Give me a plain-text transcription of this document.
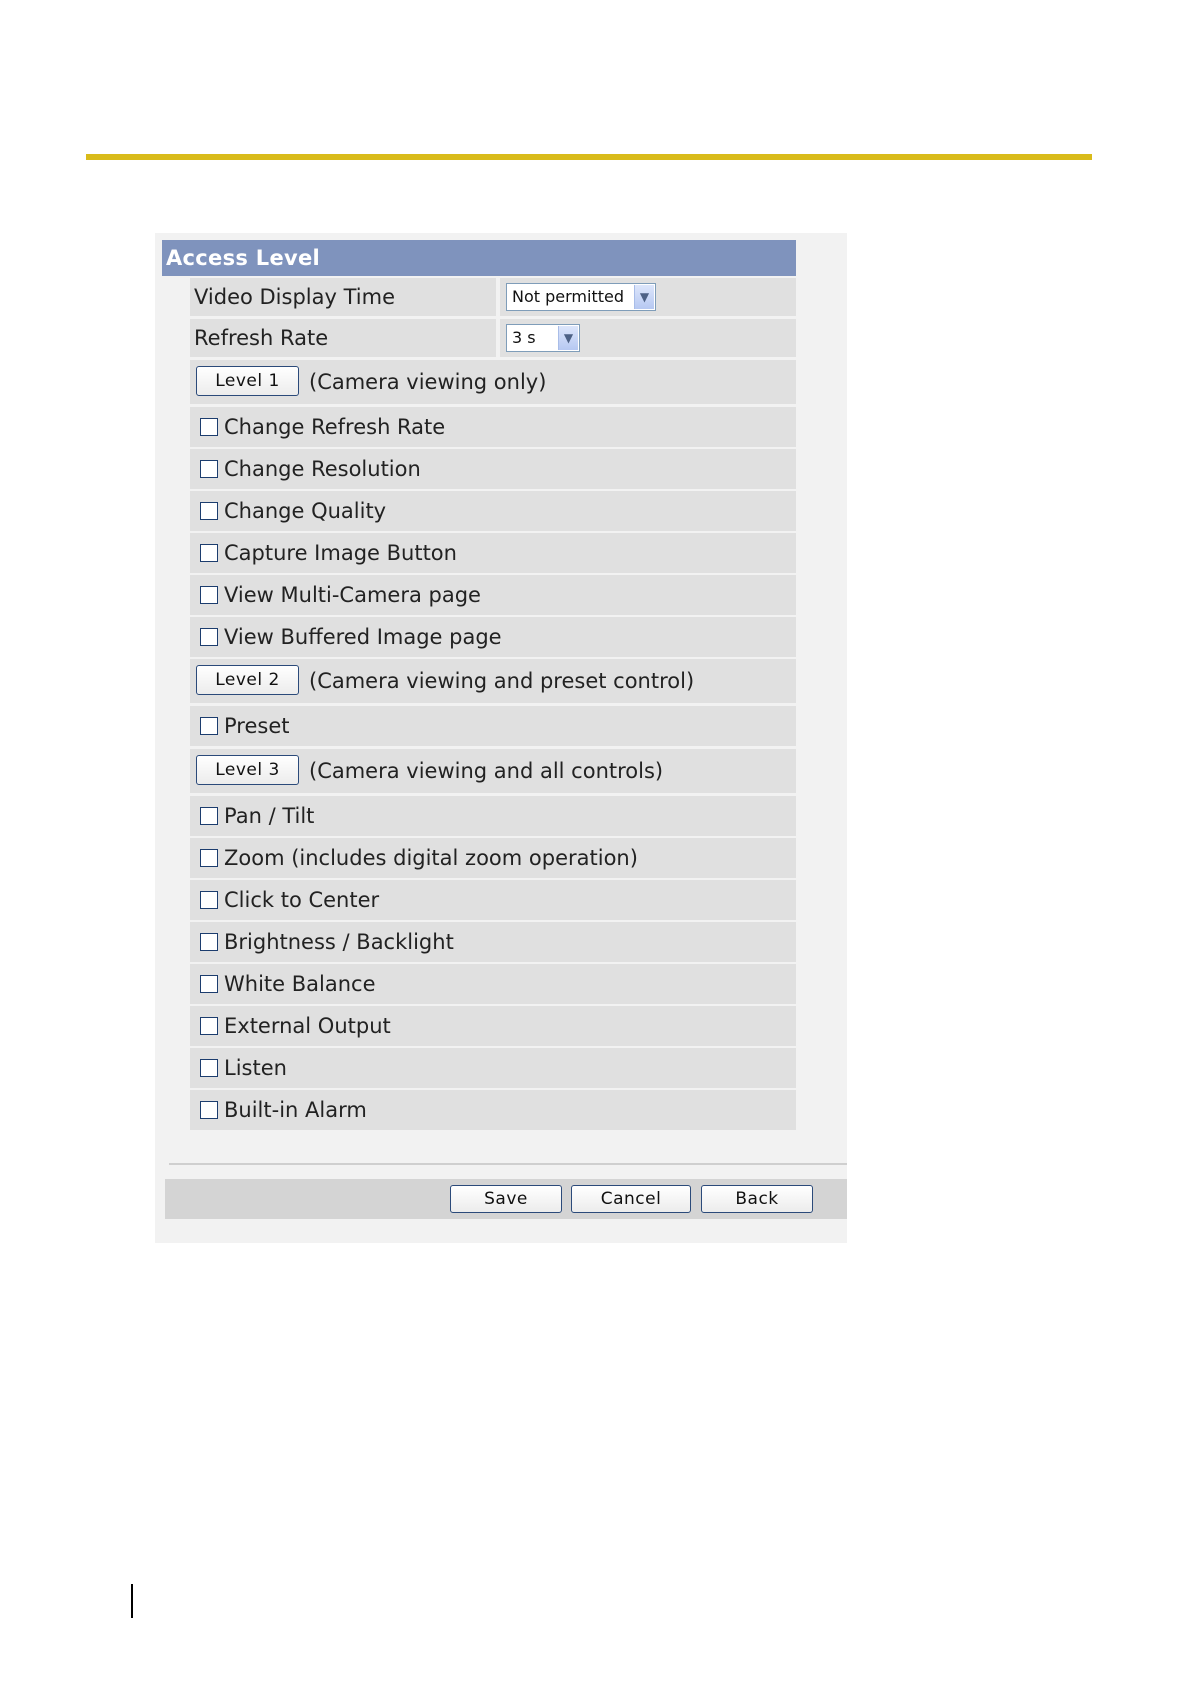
Access Level
Video Display Time	Not permitted	▼
Refresh Rate	3 s	▼
Level 1	(Camera viewing only)
Change Refresh Rate
Change Resolution
Change Quality
Capture Image Button
View Multi-Camera page
View Buffered Image page
Level 2	(Camera viewing and preset control)
Preset
Level 3	(Camera viewing and all controls)
Pan / Tilt
Zoom (includes digital zoom operation)
Click to Center
Brightness / Backlight
White Balance
External Output
Listen
Built-in Alarm
Save	Cancel	Back
